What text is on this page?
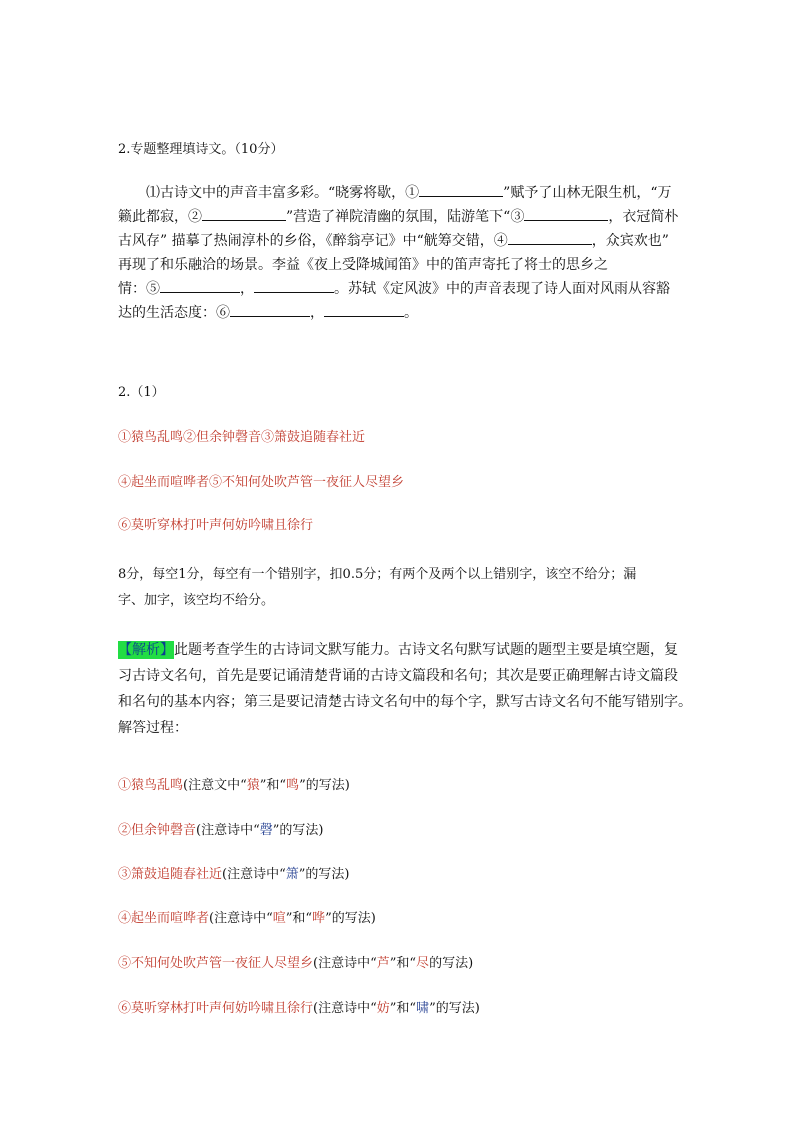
2.专题整理填诗文。（10分）

⑴古诗文中的声音丰富多彩。“晓雾将歇，①	”赋予了山林无限生机，“万
籁此都寂，②	”营造了禅院清幽的氛围，陆游笔下“③	，衣冠简朴
古风存” 描摹了热闹淳朴的乡俗，《醉翁亭记》中“觥筹交错，④	，众宾欢也”
再现了和乐融洽的场景。李益《夜上受降城闻笛》中的笛声寄托了将士的思乡之
情：⑤	，	。苏轼《定风波》中的声音表现了诗人面对风雨从容豁
达的生活态度：⑥	，	。

2.（1）

①猿鸟乱鸣②但余钟磬音③箫鼓追随春社近

④起坐而喧哗者⑤不知何处吹芦管一夜征人尽望乡

⑥莫听穿林打叶声何妨吟啸且徐行

8分，每空1分，每空有一个错别字，扣0.5分；有两个及两个以上错别字，该空不给分；漏
字、加字，该空均不给分。

【解析】此题考查学生的古诗词文默写能力。古诗文名句默写试题的题型主要是填空题，复
习古诗文名句，首先是要记诵清楚背诵的古诗文篇段和名句；其次是要正确理解古诗文篇段
和名句的基本内容；第三是要记清楚古诗文名句中的每个字，默写古诗文名句不能写错别字。
解答过程：

①猿鸟乱鸣(注意文中“猿”和“鸣”的写法)

②但余钟磬音(注意诗中“磬”的写法)

③箫鼓追随春社近(注意诗中“箫”的写法)

④起坐而喧哗者(注意诗中“喧”和“哗”的写法)

⑤不知何处吹芦管一夜征人尽望乡(注意诗中“芦”和“尽的写法)

⑥莫听穿林打叶声何妨吟啸且徐行(注意诗中“妨”和“啸”的写法)
